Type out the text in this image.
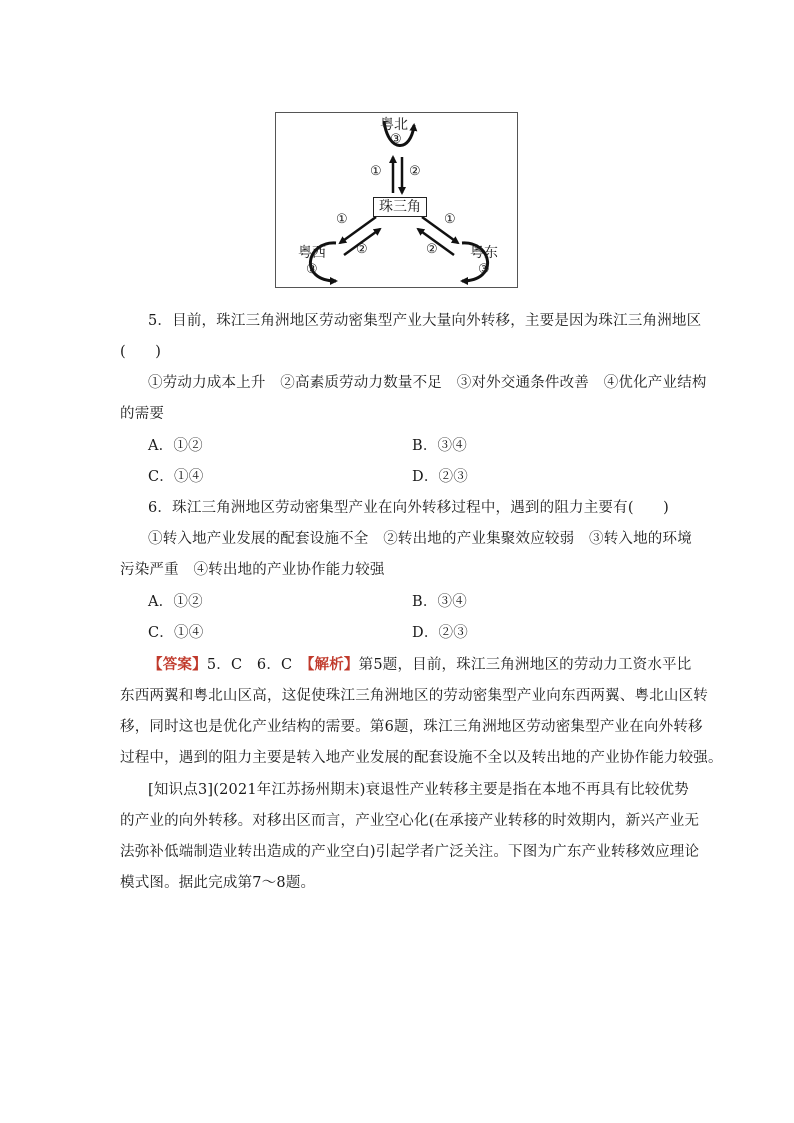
粤北
③
① ②
珠三角
①
②
①
②
粤西
③
粤东
③
5．目前，珠江三角洲地区劳动密集型产业大量向外转移，主要是因为珠江三角洲地区
(　　)
①劳动力成本上升　②高素质劳动力数量不足　③对外交通条件改善　④优化产业结构
的需要
A．①②	B．③④
C．①④	D．②③
6．珠江三角洲地区劳动密集型产业在向外转移过程中，遇到的阻力主要有(　　)
①转入地产业发展的配套设施不全　②转出地的产业集聚效应较弱　③转入地的环境
污染严重　④转出地的产业协作能力较强
A．①②	B．③④
C．①④	D．②③
【答案】5．C　6．C　【解析】第5题，目前，珠江三角洲地区的劳动力工资水平比
东西两翼和粤北山区高，这促使珠江三角洲地区的劳动密集型产业向东西两翼、粤北山区转
移，同时这也是优化产业结构的需要。第6题，珠江三角洲地区劳动密集型产业在向外转移
过程中，遇到的阻力主要是转入地产业发展的配套设施不全以及转出地的产业协作能力较强。
[知识点3](2021年江苏扬州期末)衰退性产业转移主要是指在本地不再具有比较优势
的产业的向外转移。对移出区而言，产业空心化(在承接产业转移的时效期内，新兴产业无
法弥补低端制造业转出造成的产业空白)引起学者广泛关注。下图为广东产业转移效应理论
模式图。据此完成第7～8题。
